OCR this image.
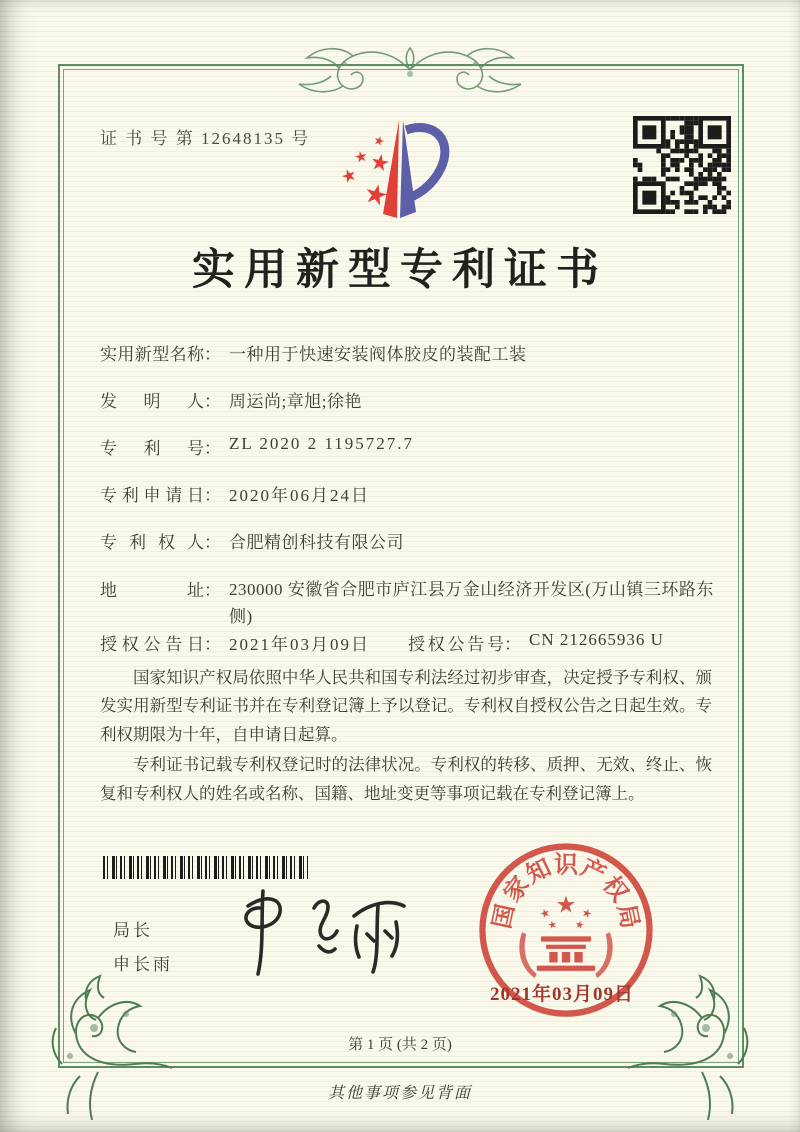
证 书 号 第 12648135 号
实用新型专利证书
实用新型名称： 一种用于快速安装阀体胶皮的装配工装
发明人： 周运尚;章旭;徐艳
专利号： ZL 2020 2 1195727.7
专利申请日： 2020年06月24日
专利权人： 合肥精创科技有限公司
地址： 230000 安徽省合肥市庐江县万金山经济开发区(万山镇三环路东侧)
授权公告日： 2021年03月09日 授权公告号： CN 212665936 U

国家知识产权局依照中华人民共和国专利法经过初步审查，决定授予专利权、颁发实用新型专利证书并在专利登记簿上予以登记。专利权自授权公告之日起生效。专利权期限为十年，自申请日起算。

专利证书记载专利权登记时的法律状况。专利权的转移、质押、无效、终止、恢复和专利权人的姓名或名称、国籍、地址变更等事项记载在专利登记簿上。

局长
申长雨
国
家
知
识
产
权
局
2021年03月09日
第 1 页 (共 2 页)
其他事项参见背面
